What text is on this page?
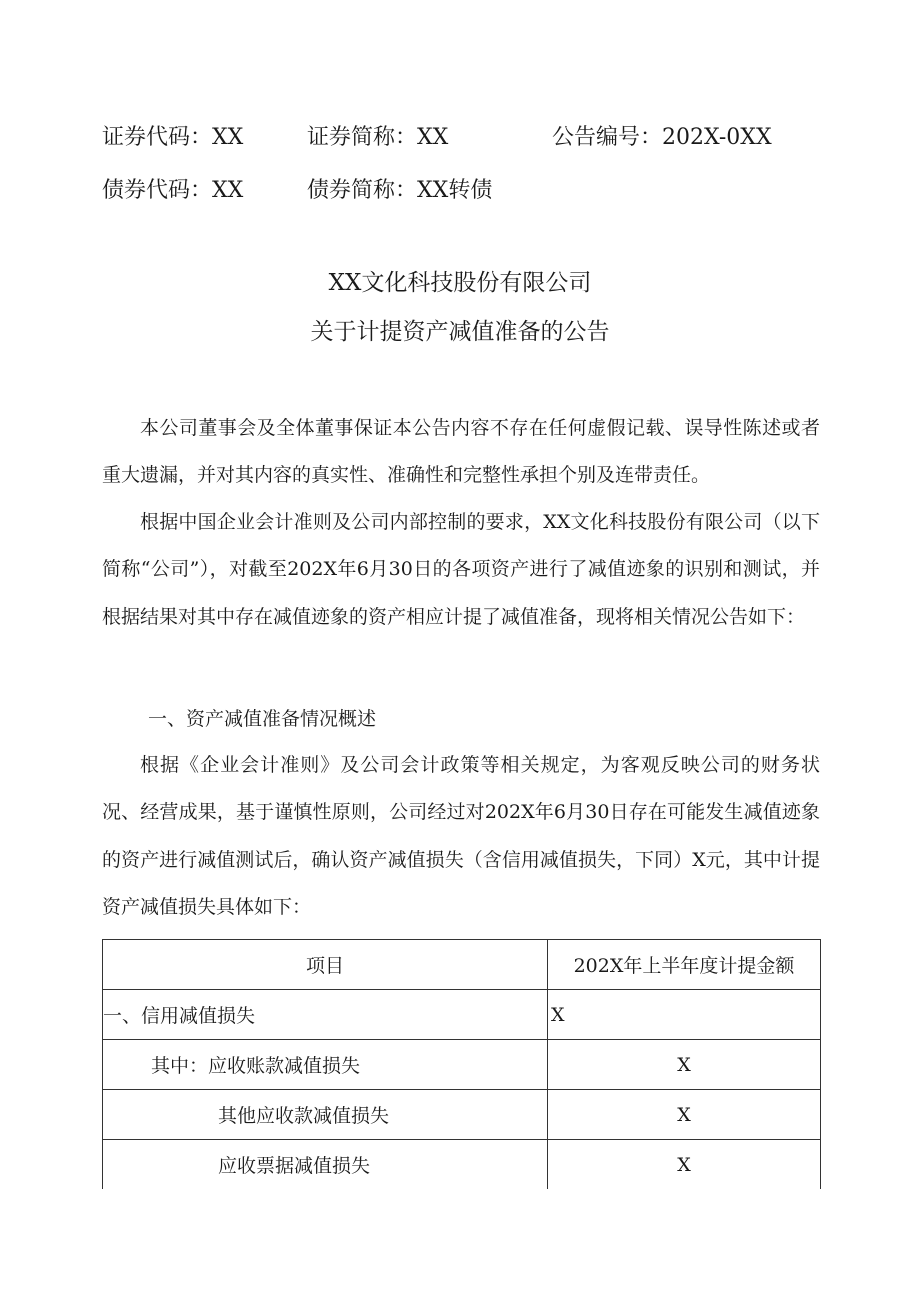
证券代码：XX	证券简称：XX	公告编号：202X-0XX
债券代码：XX	债券简称：XX转债
XX文化科技股份有限公司
关于计提资产减值准备的公告

本公司董事会及全体董事保证本公告内容不存在任何虚假记载、误导性陈述或者重大遗漏，并对其内容的真实性、准确性和完整性承担个别及连带责任。

根据中国企业会计准则及公司内部控制的要求，XX文化科技股份有限公司（以下简称“公司”），对截至202X年6月30日的各项资产进行了减值迹象的识别和测试，并根据结果对其中存在减值迹象的资产相应计提了减值准备，现将相关情况公告如下：

一、资产减值准备情况概述

根据《企业会计准则》及公司会计政策等相关规定，为客观反映公司的财务状况、经营成果，基于谨慎性原则，公司经过对202X年6月30日存在可能发生减值迹象的资产进行减值测试后，确认资产减值损失（含信用减值损失，下同）X元，其中计提资产减值损失具体如下：

项目	202X年上半年度计提金额
一、信用减值损失	X
其中：应收账款减值损失	X
其他应收款减值损失	X
应收票据减值损失	X
